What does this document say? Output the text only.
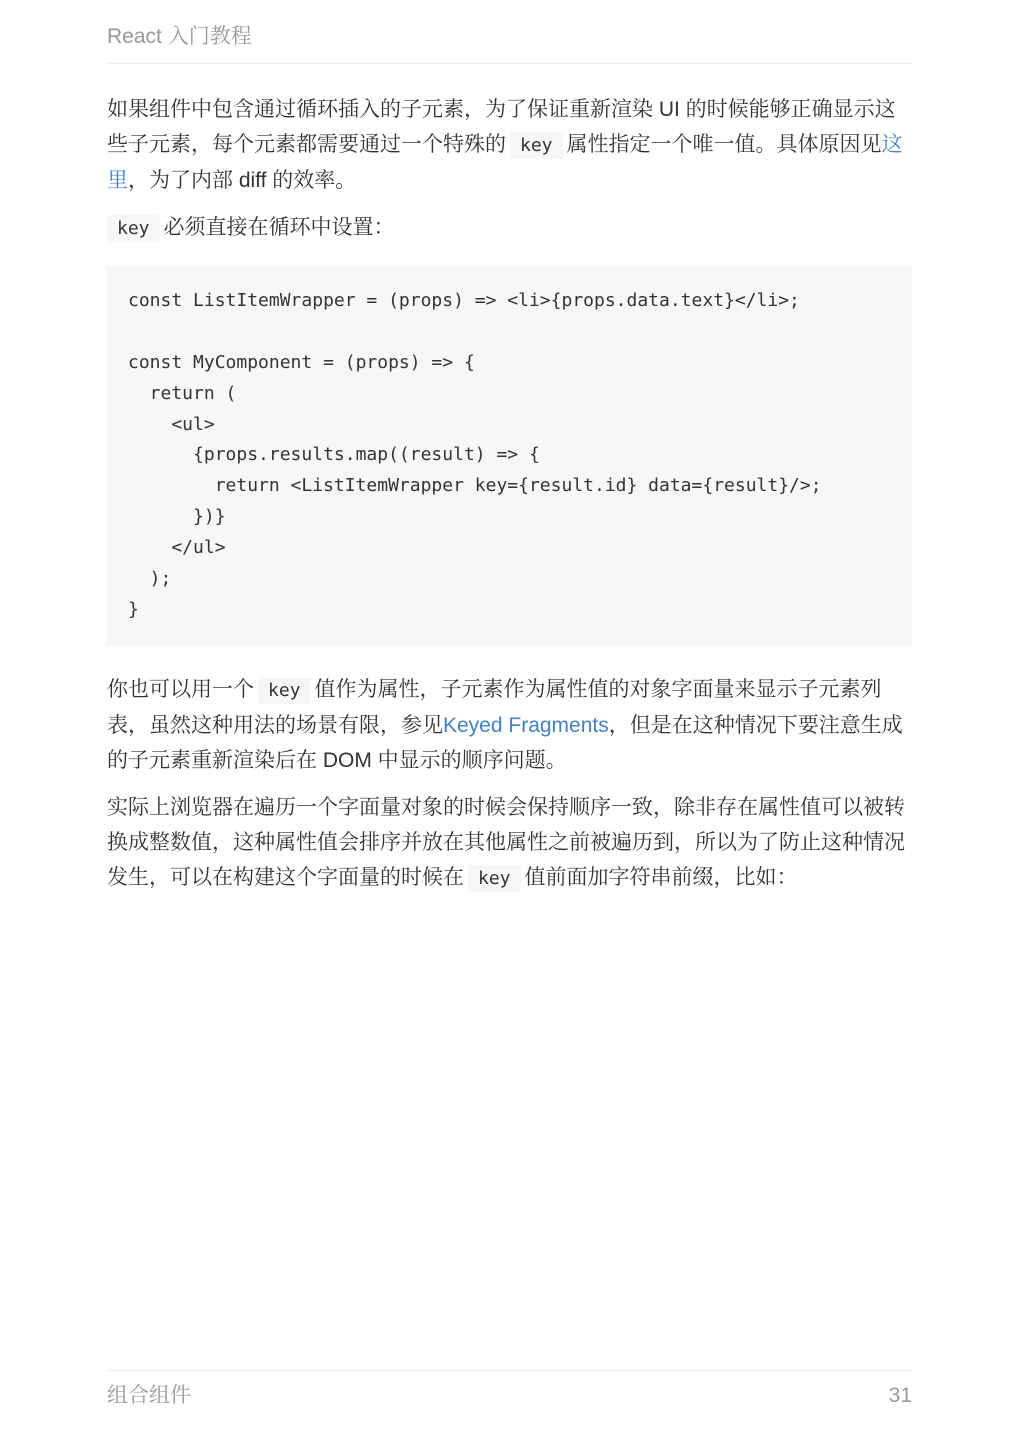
React 入门教程

如果组件中包含通过循环插入的子元素，为了保证重新渲染 UI 的时候能够正确显示这些子元素，每个元素都需要通过一个特殊的 key 属性指定一个唯一值。具体原因见这里，为了内部 diff 的效率。

key 必须直接在循环中设置：

const ListItemWrapper = (props) => <li>{props.data.text}</li>;
const MyComponent = (props) => {
return (
<ul>
{props.results.map((result) => {
return <ListItemWrapper key={result.id} data={result}/>;
})}
</ul>
);
}

你也可以用一个 key 值作为属性，子元素作为属性值的对象字面量来显示子元素列表，虽然这种用法的场景有限，参见Keyed Fragments，但是在这种情况下要注意生成的子元素重新渲染后在 DOM 中显示的顺序问题。

实际上浏览器在遍历一个字面量对象的时候会保持顺序一致，除非存在属性值可以被转换成整数值，这种属性值会排序并放在其他属性之前被遍历到，所以为了防止这种情况发生，可以在构建这个字面量的时候在 key 值前面加字符串前缀，比如：

组合组件	31
